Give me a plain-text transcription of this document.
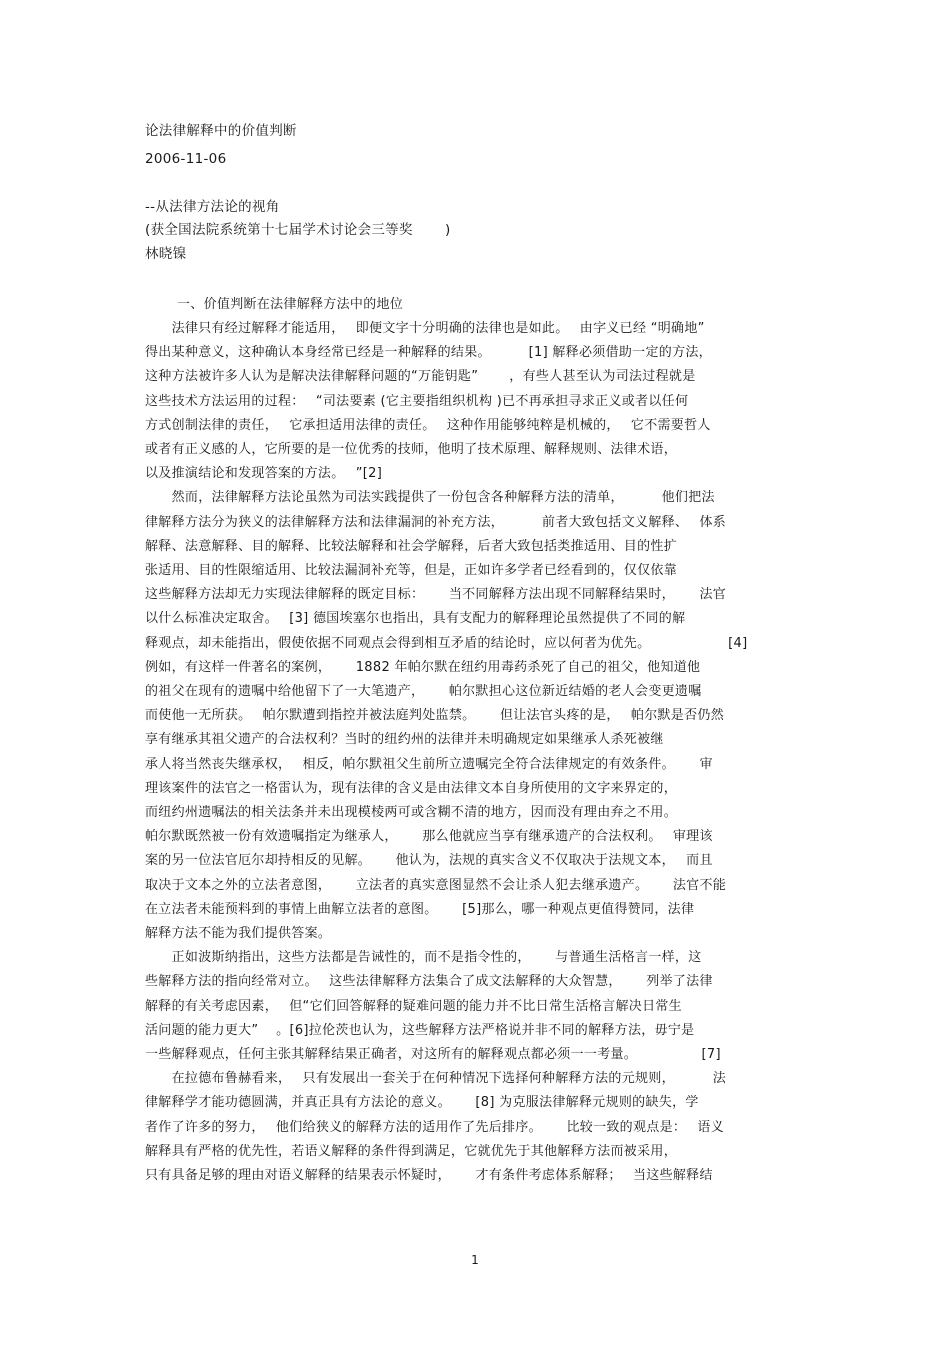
论法律解释中的价值判断
2006-11-06
--从法律方法论的视角
(获全国法院系统第十七届学术讨论会三等奖　　 )
林晓镍
一、价值判断在法律解释方法中的地位
　　法律只有经过解释才能适用，　 即便文字十分明确的法律也是如此。　 由字义已经 “明确地”
得出某种意义，这种确认本身经常已经是一种解释的结果。　　　 [1] 解释必须借助一定的方法，
这种方法被许多人认为是解决法律解释问题的“万能钥匙”　　 ，有些人甚至认为司法过程就是
这些技术方法运用的过程：　 “司法要素 (它主要指组织机构 )已不再承担寻求正义或者以任何
方式创制法律的责任，　 它承担适用法律的责任。　 这种作用能够纯粹是机械的，　 它不需要哲人
或者有正义感的人，它所要的是一位优秀的技师，他明了技术原理、解释规则、法律术语，
以及推演结论和发现答案的方法。　 ”[2]
　　然而，法律解释方法论虽然为司法实践提供了一份包含各种解释方法的清单，　　　 他们把法
律解释方法分为狭义的法律解释方法和法律漏洞的补充方法，　　　 前者大致包括文义解释、　 体系
解释、法意解释、目的解释、比较法解释和社会学解释，后者大致包括类推适用、目的性扩
张适用、目的性限缩适用、比较法漏洞补充等，但是，正如许多学者已经看到的，仅仅依靠
这些解释方法却无力实现法律解释的既定目标：　　 当不同解释方法出现不同解释结果时，　　 法官
以什么标准决定取舍。　 [3] 德国埃塞尔也指出，具有支配力的解释理论虽然提供了不同的解
释观点，却未能指出，假使依据不同观点会得到相互矛盾的结论时，应以何者为优先。　　　　　　 [4]
例如，有这样一件著名的案例，　　 1882 年帕尔默在纽约用毒药杀死了自己的祖父，他知道他
的祖父在现有的遗嘱中给他留下了一大笔遗产，　　 帕尔默担心这位新近结婚的老人会变更遗嘱
而使他一无所获。　 帕尔默遭到指控并被法庭判处监禁。　　 但让法官头疼的是，　 帕尔默是否仍然
享有继承其祖父遗产的合法权利？当时的纽约州的法律并未明确规定如果继承人杀死被继
承人将当然丧失继承权，　 相反，帕尔默祖父生前所立遗嘱完全符合法律规定的有效条件。　　 审
理该案件的法官之一格雷认为，现有法律的含义是由法律文本自身所使用的文字来界定的，
而纽约州遗嘱法的相关法条并未出现模棱两可或含糊不清的地方，因而没有理由弃之不用。
帕尔默既然被一份有效遗嘱指定为继承人，　　 那么他就应当享有继承遗产的合法权利。　 审理该
案的另一位法官厄尔却持相反的见解。　　 他认为，法规的真实含义不仅取决于法规文本，　 而且
取决于文本之外的立法者意图，　　 立法者的真实意图显然不会让杀人犯去继承遗产。　　 法官不能
在立法者未能预料到的事情上曲解立法者的意图。　　 [5]那么，哪一种观点更值得赞同，法律
解释方法不能为我们提供答案。
　　正如波斯纳指出，这些方法都是告诫性的，而不是指令性的，　　 与普通生活格言一样，这
些解释方法的指向经常对立。　 这些法律解释方法集合了成文法解释的大众智慧，　　 列举了法律
解释的有关考虑因素，　 但“它们回答解释的疑难问题的能力并不比日常生活格言解决日常生
活问题的能力更大”　 。[6]拉伦茨也认为，这些解释方法严格说并非不同的解释方法，毋宁是
一些解释观点，任何主张其解释结果正确者，对这所有的解释观点都必须一一考量。　　　　　 [7]
　　在拉德布鲁赫看来，　 只有发展出一套关于在何种情况下选择何种解释方法的元规则，　　　 法
律解释学才能功德圆满，并真正具有方法论的意义。　　 [8] 为克服法律解释元规则的缺失，学
者作了许多的努力，　 他们给狭义的解释方法的适用作了先后排序。　　 比较一致的观点是：　 语义
解释具有严格的优先性，若语义解释的条件得到满足，它就优先于其他解释方法而被采用，
只有具备足够的理由对语义解释的结果表示怀疑时，　　 才有条件考虑体系解释；　 当这些解释结
1
